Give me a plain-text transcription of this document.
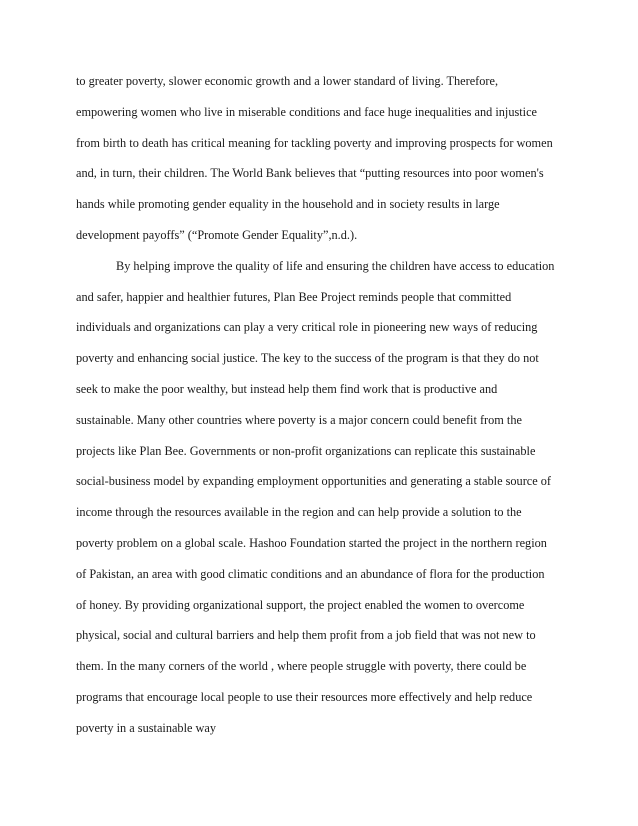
to greater poverty, slower economic growth and a lower standard of living. Therefore,
empowering women who live in miserable conditions and face huge inequalities and injustice
from birth to death has critical meaning for tackling poverty and improving prospects for women
and, in turn, their children. The World Bank believes that “putting resources into poor women's
hands while promoting gender equality in the household and in society results in large
development payoffs” (“Promote Gender Equality”,n.d.).
By helping improve the quality of life and ensuring the children have access to education
and safer, happier and healthier futures, Plan Bee Project reminds people that committed
individuals and organizations can play a very critical role in pioneering new ways of reducing
poverty and enhancing social justice. The key to the success of the program is that they do not
seek to make the poor wealthy, but instead help them find work that is productive and
sustainable. Many other countries where poverty is a major concern could benefit from the
projects like Plan Bee. Governments or non-profit organizations can replicate this sustainable
social-business model by expanding employment opportunities and generating a stable source of
income through the resources available in the region and can help provide a solution to the
poverty problem on a global scale. Hashoo Foundation started the project in the northern region
of Pakistan, an area with good climatic conditions and an abundance of flora for the production
of honey. By providing organizational support, the project enabled the women to overcome
physical, social and cultural barriers and help them profit from a job field that was not new to
them. In the many corners of the world , where people struggle with poverty, there could be
programs that encourage local people to use their resources more effectively and help reduce
poverty in a sustainable way
